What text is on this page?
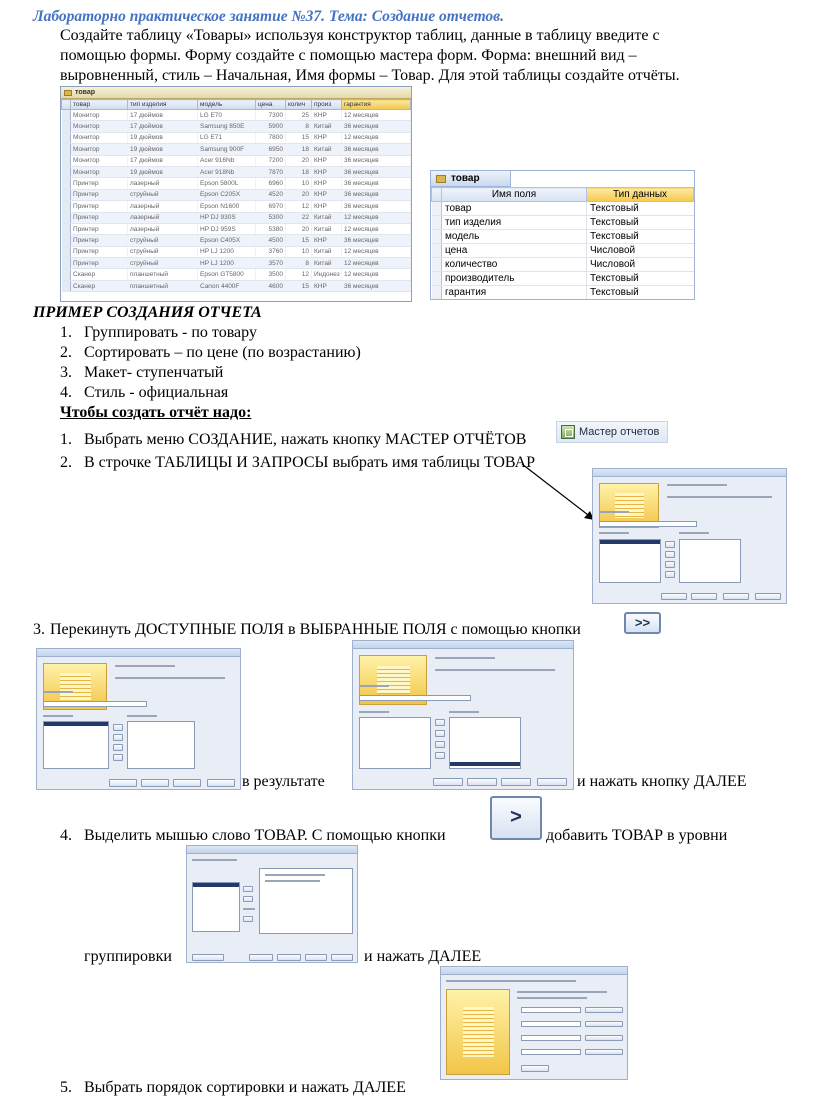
Лабораторно практическое занятие №37. Тема: Создание отчетов.
Создайте таблицу «Товары» используя конструктор таблиц, данные в таблицу введите с
помощью формы. Форму создайте с помощью мастера форм. Форма: внешний вид –
выровненный, стиль – Начальная, Имя формы – Товар. Для этой таблицы создайте отчёты.
товар
	товар	тип изделия	модель	цена	колич	произ	гарантия
	Монитор	17 дюймов	LG E70	7300	25	КНР	12 месяцев
	Монитор	17 дюймов	Samsung 850E	5900	8	Китай	36 месяцев
	Монитор	19 дюймов	LG E71	7800	15	КНР	12 месяцев
	Монитор	19 дюймов	Samsung 900F	6950	18	Китай	36 месяцев
	Монитор	17 дюймов	Acer 916Nb	7200	20	КНР	36 месяцев
	Монитор	19 дюймов	Acer 918Nb	7870	18	КНР	36 месяцев
	Принтер	лазерный	Epson 5800L	6960	10	КНР	36 месяцев
	Принтер	струйный	Epson C205X	4520	20	КНР	36 месяцев
	Принтер	лазерный	Epson N1600	6970	12	КНР	36 месяцев
	Принтер	лазерный	HP DJ 930S	5300	22	Китай	12 месяцев
	Принтер	лазерный	HP DJ 959S	5380	20	Китай	12 месяцев
	Принтер	струйный	Epson C405X	4500	15	КНР	36 месяцев
	Принтер	струйный	HP LJ 1200	3760	10	Китай	12 месяцев
	Принтер	струйный	HP LJ 1200	3570	8	Китай	12 месяцев
	Сканер	планшетный	Epson GT5800	3500	12	Индонез	12 месяцев
	Сканер	планшетный	Canon 4400F	4600	15	КНР	36 месяцев
товар
	Имя поля	Тип данных
	товар	Текстовый
	тип изделия	Текстовый
	модель	Текстовый
	цена	Числовой
	количество	Числовой
	производитель	Текстовый
	гарантия	Текстовый
ПРИМЕР СОЗДАНИЯ ОТЧЕТА
1. Группировать - по товару
2. Сортировать – по цене (по возрастанию)
3. Макет- ступенчатый
4. Стиль - официальная
Чтобы создать отчёт надо:
1. Выбрать меню СОЗДАНИЕ, нажать кнопку МАСТЕР ОТЧЁТОВ	Мастер отчетов
2. В строчке ТАБЛИЦЫ И ЗАПРОСЫ выбрать имя таблицы ТОВАР
3. Перекинуть ДОСТУПНЫЕ ПОЛЯ в ВЫБРАННЫЕ ПОЛЯ с помощью кнопки	>>
в результате	и нажать кнопку ДАЛЕЕ
4. Выделить мышью слово ТОВАР. С помощью кнопки
>
добавить ТОВАР в уровни
группировки	и нажать ДАЛЕЕ
5. Выбрать порядок сортировки и нажать ДАЛЕЕ
